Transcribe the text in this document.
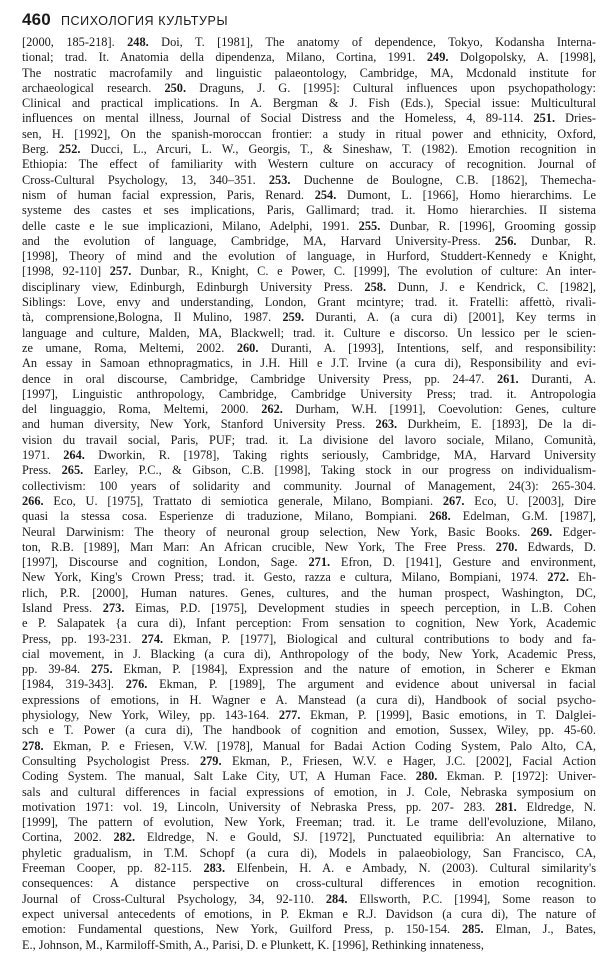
460 ПСИХОЛОГИЯ КУЛЬТУРЫ
[2000, 185-218]. 248. Doi, T. [1981], The anatomy of dependence, Tokyo, Kodansha Interna-
tional; trad. It. Anatomia della dipendenza, Milano, Cortina, 1991. 249. Dolgopolsky, A. [1998],
The nostratic macrofamily and linguistic palaeontology, Cambridge, MA, Mcdonald institute for
archaeological research. 250. Draguns, J. G. [1995]: Cultural influences upon psychopathology:
Clinical and practical implications. In A. Bergman & J. Fish (Eds.), Special issue: Multicultural
influences on mental illness, Journal of Social Distress and the Homeless, 4, 89-114. 251. Dries-
sen, H. [1992], On the spanish-moroccan frontier: a study in ritual power and ethnicity, Oxford,
Berg. 252. Ducci, L., Arcuri, L. W., Georgis, T., & Sineshaw, T. (1982). Emotion recognition in
Ethiopia: The effect of familiarity with Western culture on accuracy of recognition. Journal of
Cross-Cultural Psychology, 13, 340–351. 253. Duchenne de Boulogne, C.B. [1862], Themecha-
nism of human facial expression, Paris, Renard. 254. Dumont, L. [1966], Homo hierarchims. Le
systeme des castes et ses implications, Paris, Gallimard; trad. it. Homo hierarchies. II sistema
delle caste e le sue implicazioni, Milano, Adelphi, 1991. 255. Dunbar, R. [1996], Grooming gossip
and the evolution of language, Cambridge, MA, Harvard University-Press. 256. Dunbar, R.
[1998], Theory of mind and the evolution of language, in Hurford, Studdert-Kennedy e Knight,
[1998, 92-110] 257. Dunbar, R., Knight, C. e Power, C. [1999], The evolution of culture: An inter-
disciplinary view, Edinburgh, Edinburgh University Press. 258. Dunn, J. e Kendrick, C. [1982],
Siblings: Love, envy and understanding, London, Grant mcintyre; trad. it. Fratelli: affettò, rivalì-
tà, comprensione,Bologna, Il Mulino, 1987. 259. Duranti, A. (a cura di) [2001], Key terms in
language and culture, Malden, MA, Blackwell; trad. it. Culture e discorso. Un lessico per le scien-
ze umane, Roma, Meltemi, 2002. 260. Duranti, A. [1993], Intentions, self, and responsibility:
An essay in Samoan ethnopragmatics, in J.H. Hill e J.T. Irvine (a cura di), Responsibility and evi-
dence in oral discourse, Cambridge, Cambridge University Press, pp. 24-47. 261. Duranti, A.
[1997], Linguistic anthropology, Cambridge, Cambridge University Press; trad. it. Antropologia
del linguaggio, Roma, Meltemi, 2000. 262. Durham, W.H. [1991], Coevolution: Genes, culture
and human diversity, New York, Stanford University Press. 263. Durkheim, E. [1893], De la di-
vision du travail social, Paris, PUF; trad. it. La divisione del lavoro sociale, Milano, Comunità,
1971. 264. Dworkin, R. [1978], Taking rights seriously, Cambridge, MA, Harvard University
Press. 265. Earley, P.C., & Gibson, C.B. [1998], Taking stock in our progress on individualism-
collectivism: 100 years of solidarity and community. Journal of Management, 24(3): 265-304.
266. Eco, U. [1975], Trattato di semiotica generale, Milano, Bompiani. 267. Eco, U. [2003], Dire
quasi la stessa cosa. Esperienze di traduzione, Milano, Bompiani. 268. Edelman, G.M. [1987],
Neural Darwinism: The theory of neuronal group selection, New York, Basic Books. 269. Edger-
ton, R.B. [1989], Мап Мап: An African crucible, New York, The Free Press. 270. Edwards, D.
[1997], Discourse and cognition, London, Sage. 271. Efron, D. [1941], Gesture and environment,
New York, King's Crown Press; trad. it. Gesto, razza e cultura, Milano, Bompiani, 1974. 272. Eh-
rlich, P.R. [2000], Human natures. Genes, cultures, and the human prospect, Washington, DC,
Island Press. 273. Eimas, P.D. [1975], Development studies in speech perception, in L.B. Cohen
e P. Salapatek {a cura di), Infant perception: From sensation to cognition, New York, Academic
Press, pp. 193-231. 274. Ekman, P. [1977], Biological and cultural contributions to body and fa-
cial movement, in J. Blacking (a cura di), Anthropology of the body, New York, Academic Press,
pp. 39-84. 275. Ekman, P. [1984], Expression and the nature of emotion, in Scherer e Ekman
[1984, 319-343]. 276. Ekman, P. [1989], The argument and evidence about universal in facial
expressions of emotions, in H. Wagner e A. Manstead (a cura di), Handbook of social psycho-
physiology, New York, Wiley, pp. 143-164. 277. Ekman, P. [1999], Basic emotions, in T. Dalglei-
sch e T. Power (a cura di), The handbook of cognition and emotion, Sussex, Wiley, pp. 45-60.
278. Ekman, P. e Friesen, V.W. [1978], Manual for Badai Action Coding System, Palo Alto, CA,
Consulting Psychologist Press. 279. Ekman, P., Friesen, W.V. e Hager, J.C. [2002], Facial Action
Coding System. The manual, Salt Lake City, UT, A Human Face. 280. Ekman. P. [1972]: Univer-
sals and cultural differences in facial expressions of emotion, in J. Cole, Nebraska symposium on
motivation 1971: vol. 19, Lincoln, University of Nebraska Press, pp. 207- 283. 281. Eldredge, N.
[1999], The pattern of evolution, New York, Freeman; trad. it. Le trame dell'evoluzione, Milano,
Cortina, 2002. 282. Eldredge, N. e Gould, SJ. [1972], Punctuated equilibria: An alternative to
phyletic gradualism, in T.M. Schopf (a cura di), Models in palaeobiology, San Francisco, CA,
Freeman Cooper, pp. 82-115. 283. Elfenbein, H. A. e Ambady, N. (2003). Cultural similarity's
consequences: A distance perspective on cross-cultural differences in emotion recognition.
Journal of Cross-Cultural Psychology, 34, 92-110. 284. Ellsworth, P.C. [1994], Some reason to
expect universal antecedents of emotions, in P. Ekman e R.J. Davidson (a cura di), The nature of
emotion: Fundamental questions, New York, Guilford Press, p. 150-154. 285. Elman, J., Bates,
E., Johnson, M., Karmiloff-Smith, A., Parisi, D. e Plunkett, K. [1996], Rethinking innateness,
